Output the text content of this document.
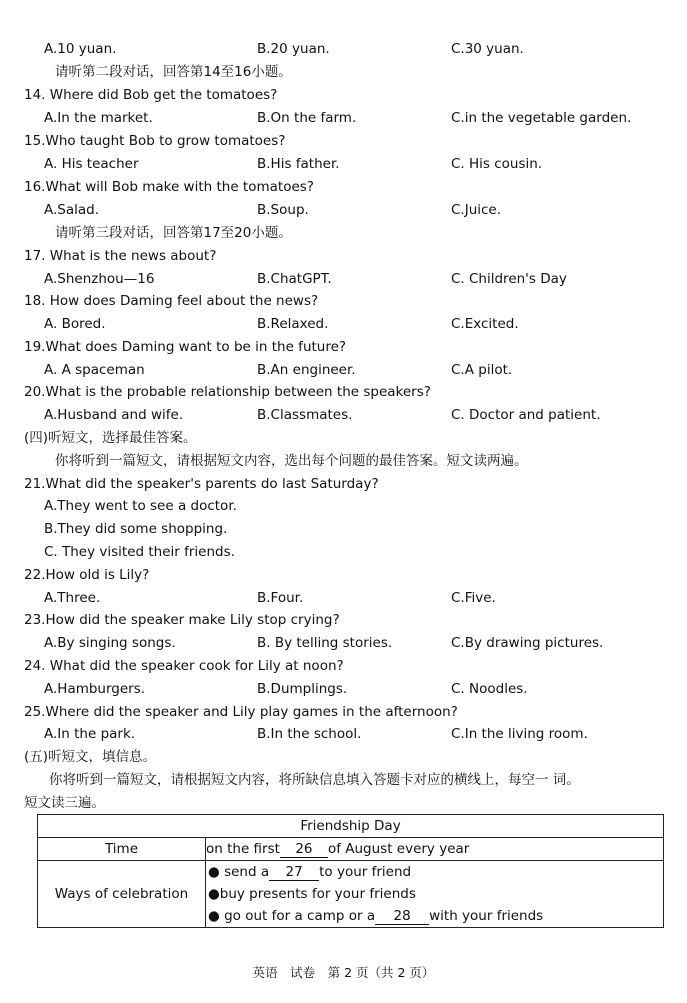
A.10 yuan.	B.20 yuan.	C.30 yuan.
请听第二段对话，回答第14至16小题。
14. Where did Bob get the tomatoes?
A.In the market.	B.On the farm.	C.in the vegetable garden.
15.Who taught Bob to grow tomatoes?
A. His teacher	B.His father.	C. His cousin.
16.What will Bob make with the tomatoes?
A.Salad.	B.Soup.	C.Juice.
请听第三段对话，回答第17至20小题。
17. What is the news about?
A.Shenzhou—16	B.ChatGPT.	C. Children's Day
18. How does Daming feel about the news?
A. Bored.	B.Relaxed.	C.Excited.
19.What does Daming want to be in the future?
A. A spaceman	B.An engineer.	C.A pilot.
20.What is the probable relationship between the speakers?
A.Husband and wife.	B.Classmates.	C. Doctor and patient.
(四)听短文，选择最佳答案。
你将听到一篇短文，请根据短文内容，选出每个问题的最佳答案。短文读两遍。
21.What did the speaker's parents do last Saturday?
A.They went to see a doctor.
B.They did some shopping.
C. They visited their friends.
22.How old is Lily?
A.Three.	B.Four.	C.Five.
23.How did the speaker make Lily stop crying?
A.By singing songs.	B. By telling stories.	C.By drawing pictures.
24. What did the speaker cook for Lily at noon?
A.Hamburgers.	B.Dumplings.	C. Noodles.
25.Where did the speaker and Lily play games in the afternoon?
A.In the park.	B.In the school.	C.In the living room.
(五)听短文，填信息。
你将听到一篇短文，请根据短文内容，将所缺信息填入答题卡对应的横线上，每空一 词。
短文读三遍。
Friendship Day	
Time	on the first 26 of August every year
Ways of celebration	● send a 27 to your friend
●buy presents for your friends
● go out for a camp or a 28 with your friends
英语　试卷　第 2 页（共 2 页）
